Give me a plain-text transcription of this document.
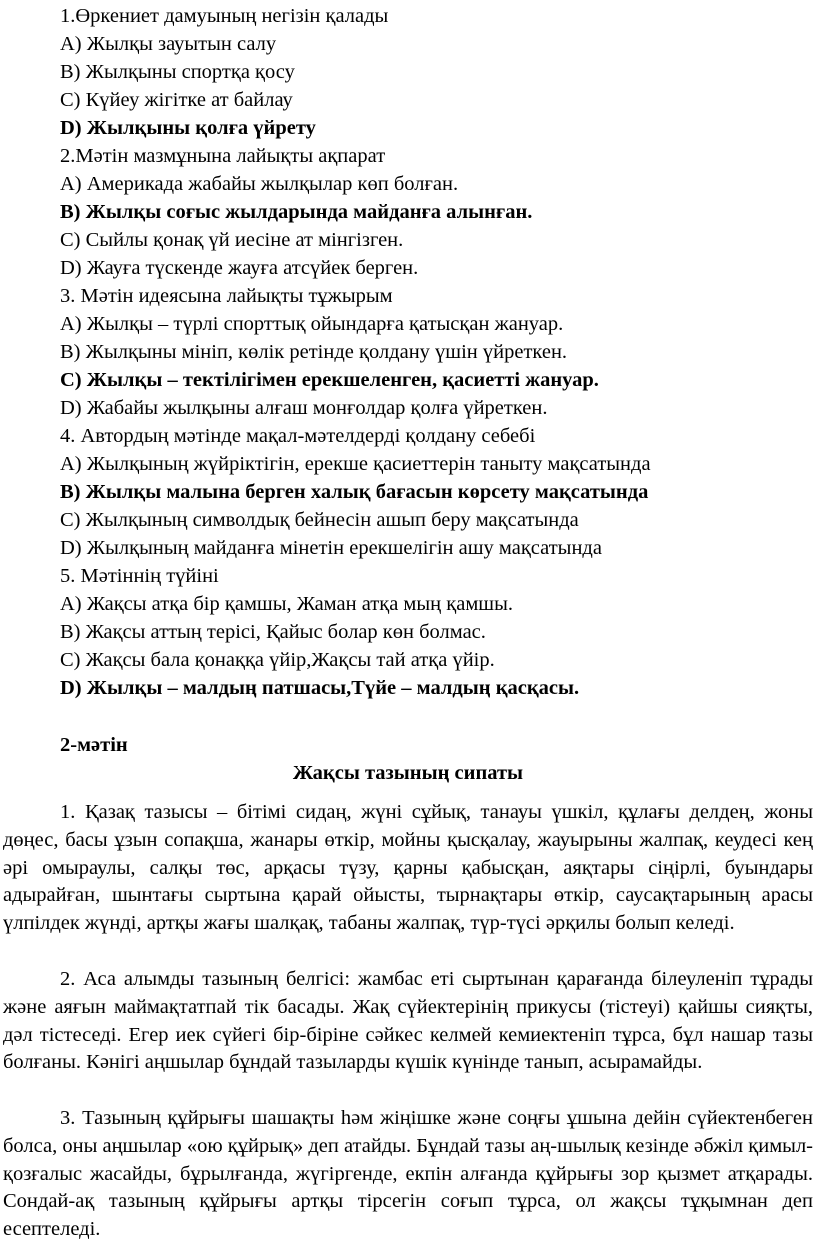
1.Өркениет дамуының негізін қалады
A) Жылқы зауытын салу
B) Жылқыны спортқа қосу
C) Күйеу жігітке ат байлау
D) Жылқыны қолға үйрету
2.Мәтін мазмұнына лайықты ақпарат
A) Америкада жабайы жылқылар көп болған.
B) Жылқы соғыс жылдарында майданға алынған.
C) Сыйлы қонақ үй иесіне ат мінгізген.
D) Жауға түскенде жауға атсүйек берген.
3. Мәтін идеясына лайықты тұжырым
A) Жылқы – түрлі спорттық ойындарға қатысқан жануар.
B) Жылқыны мініп, көлік ретінде қолдану үшін үйреткен.
C) Жылқы – тектілігімен ерекшеленген, қасиетті жануар.
D) Жабайы жылқыны алғаш монғолдар қолға үйреткен.
4. Автордың мәтінде мақал-мәтелдерді қолдану себебі
A) Жылқының жүйріктігін, ерекше қасиеттерін таныту мақсатында
B) Жылқы малына берген халық бағасын көрсету мақсатында
C) Жылқының символдық бейнесін ашып беру мақсатында
D) Жылқының майданға мінетін ерекшелігін ашу мақсатында
5. Мәтіннің түйіні
A) Жақсы атқа бір қамшы, Жаман атқа мың қамшы.
B) Жақсы аттың терісі, Қайыс болар көн болмас.
C) Жақсы бала қонаққа үйір,Жақсы тай атқа үйір.
D) Жылқы – малдың патшасы,Түйе – малдың қасқасы.
2-мәтін
Жақсы тазының сипаты
1. Қазақ тазысы – бітімі сидаң, жүні сұйық, танауы үшкіл, құлағы делдең, жоны дөңес, басы ұзын сопақша, жанары өткір, мойны қысқалау, жауырыны жалпақ, кеудесі кең әрі омыраулы, салқы төс, арқасы түзу, қарны қабысқан, аяқтары сіңірлі, буындары адырайған, шынтағы сыртына қарай ойысты, тырнақтары өткір, саусақтарының арасы үлпілдек жүнді, артқы жағы шалқақ, табаны жалпақ, түр-түсі әрқилы болып келеді.
2. Аса алымды тазының белгісі: жамбас еті сыртынан қарағанда білеуленіп тұрады және аяғын маймақтатпай тік басады. Жақ сүйектерінің прикусы (тістеуі) қайшы сияқты, дәл тістеседі. Егер иек сүйегі бір-біріне сәйкес келмей кемиектеніп тұрса, бұл нашар тазы болғаны. Кәнігі аңшылар бұндай тазыларды күшік күнінде танып, асырамайды.
3. Тазының құйрығы шашақты һәм жіңішке және соңғы ұшына дейін сүйектенбеген болса, оны аңшылар «ою құйрық» деп атайды. Бұндай тазы аң-шылық кезінде әбжіл қимыл-қозғалыс жасайды, бұрылғанда, жүгіргенде, екпін алғанда құйрығы зор қызмет атқарады. Сондай-ақ тазының құйрығы артқы тірсегін соғып тұрса, ол жақсы тұқымнан деп есептеледі.
